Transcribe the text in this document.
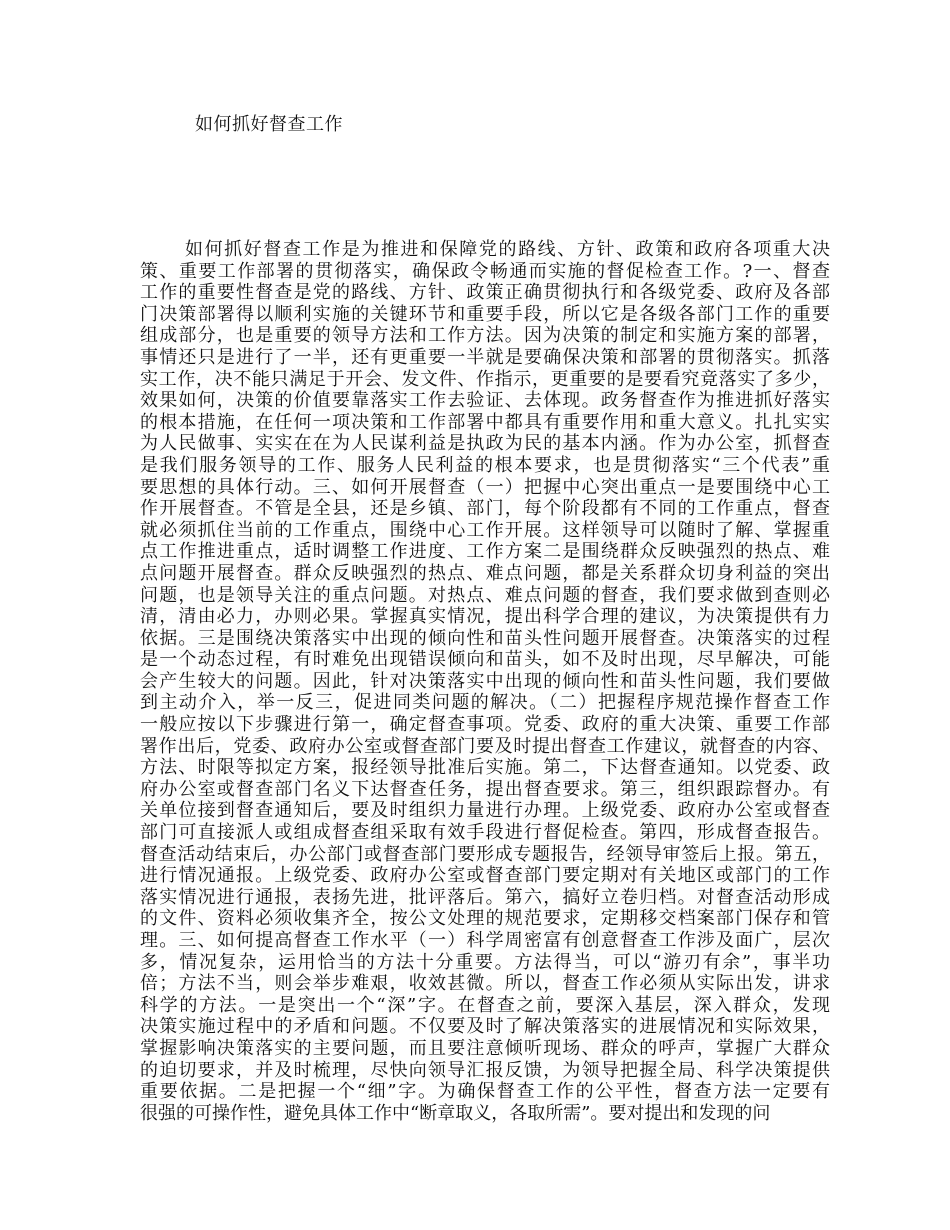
如何抓好督查工作
如何抓好督查工作是为推进和保障党的路线、方针、政策和政府各项重大决
策、重要工作部署的贯彻落实，确保政令畅通而实施的督促检查工作。?一、督查
工作的重要性督查是党的路线、方针、政策正确贯彻执行和各级党委、政府及各部
门决策部署得以顺利实施的关键环节和重要手段，所以它是各级各部门工作的重要
组成部分，也是重要的领导方法和工作方法。因为决策的制定和实施方案的部署，
事情还只是进行了一半，还有更重要一半就是要确保决策和部署的贯彻落实。抓落
实工作，决不能只满足于开会、发文件、作指示，更重要的是要看究竟落实了多少，
效果如何，决策的价值要靠落实工作去验证、去体现。政务督查作为推进抓好落实
的根本措施，在任何一项决策和工作部署中都具有重要作用和重大意义。扎扎实实
为人民做事、实实在在为人民谋利益是执政为民的基本内涵。作为办公室，抓督查
是我们服务领导的工作、服务人民利益的根本要求，也是贯彻落实“三个代表”重
要思想的具体行动。三、如何开展督查（一）把握中心突出重点一是要围绕中心工
作开展督查。不管是全县，还是乡镇、部门，每个阶段都有不同的工作重点，督查
就必须抓住当前的工作重点，围绕中心工作开展。这样领导可以随时了解、掌握重
点工作推进重点，适时调整工作进度、工作方案二是围绕群众反映强烈的热点、难
点问题开展督查。群众反映强烈的热点、难点问题，都是关系群众切身利益的突出
问题，也是领导关注的重点问题。对热点、难点问题的督查，我们要求做到查则必
清，清由必力，办则必果。掌握真实情况，提出科学合理的建议，为决策提供有力
依据。三是围绕决策落实中出现的倾向性和苗头性问题开展督查。决策落实的过程
是一个动态过程，有时难免出现错误倾向和苗头，如不及时出现，尽早解决，可能
会产生较大的问题。因此，针对决策落实中出现的倾向性和苗头性问题，我们要做
到主动介入，举一反三，促进同类问题的解决。（二）把握程序规范操作督查工作
一般应按以下步骤进行第一，确定督查事项。党委、政府的重大决策、重要工作部
署作出后，党委、政府办公室或督查部门要及时提出督查工作建议，就督查的内容、
方法、时限等拟定方案，报经领导批准后实施。第二，下达督查通知。以党委、政
府办公室或督查部门名义下达督查任务，提出督查要求。第三，组织跟踪督办。有
关单位接到督查通知后，要及时组织力量进行办理。上级党委、政府办公室或督查
部门可直接派人或组成督查组采取有效手段进行督促检查。第四，形成督查报告。
督查活动结束后，办公部门或督查部门要形成专题报告，经领导审签后上报。第五，
进行情况通报。上级党委、政府办公室或督查部门要定期对有关地区或部门的工作
落实情况进行通报，表扬先进，批评落后。第六，搞好立卷归档。对督查活动形成
的文件、资料必须收集齐全，按公文处理的规范要求，定期移交档案部门保存和管
理。三、如何提高督查工作水平（一）科学周密富有创意督查工作涉及面广，层次
多，情况复杂，运用恰当的方法十分重要。方法得当，可以“游刃有余”，事半功
倍；方法不当，则会举步难艰，收效甚微。所以，督查工作必须从实际出发，讲求
科学的方法。一是突出一个“深”字。在督查之前，要深入基层，深入群众，发现
决策实施过程中的矛盾和问题。不仅要及时了解决策落实的进展情况和实际效果，
掌握影响决策落实的主要问题，而且要注意倾听现场、群众的呼声，掌握广大群众
的迫切要求，并及时梳理，尽快向领导汇报反馈，为领导把握全局、科学决策提供
重要依据。二是把握一个“细”字。为确保督查工作的公平性，督查方法一定要有
很强的可操作性，避免具体工作中“断章取义，各取所需”。要对提出和发现的问
